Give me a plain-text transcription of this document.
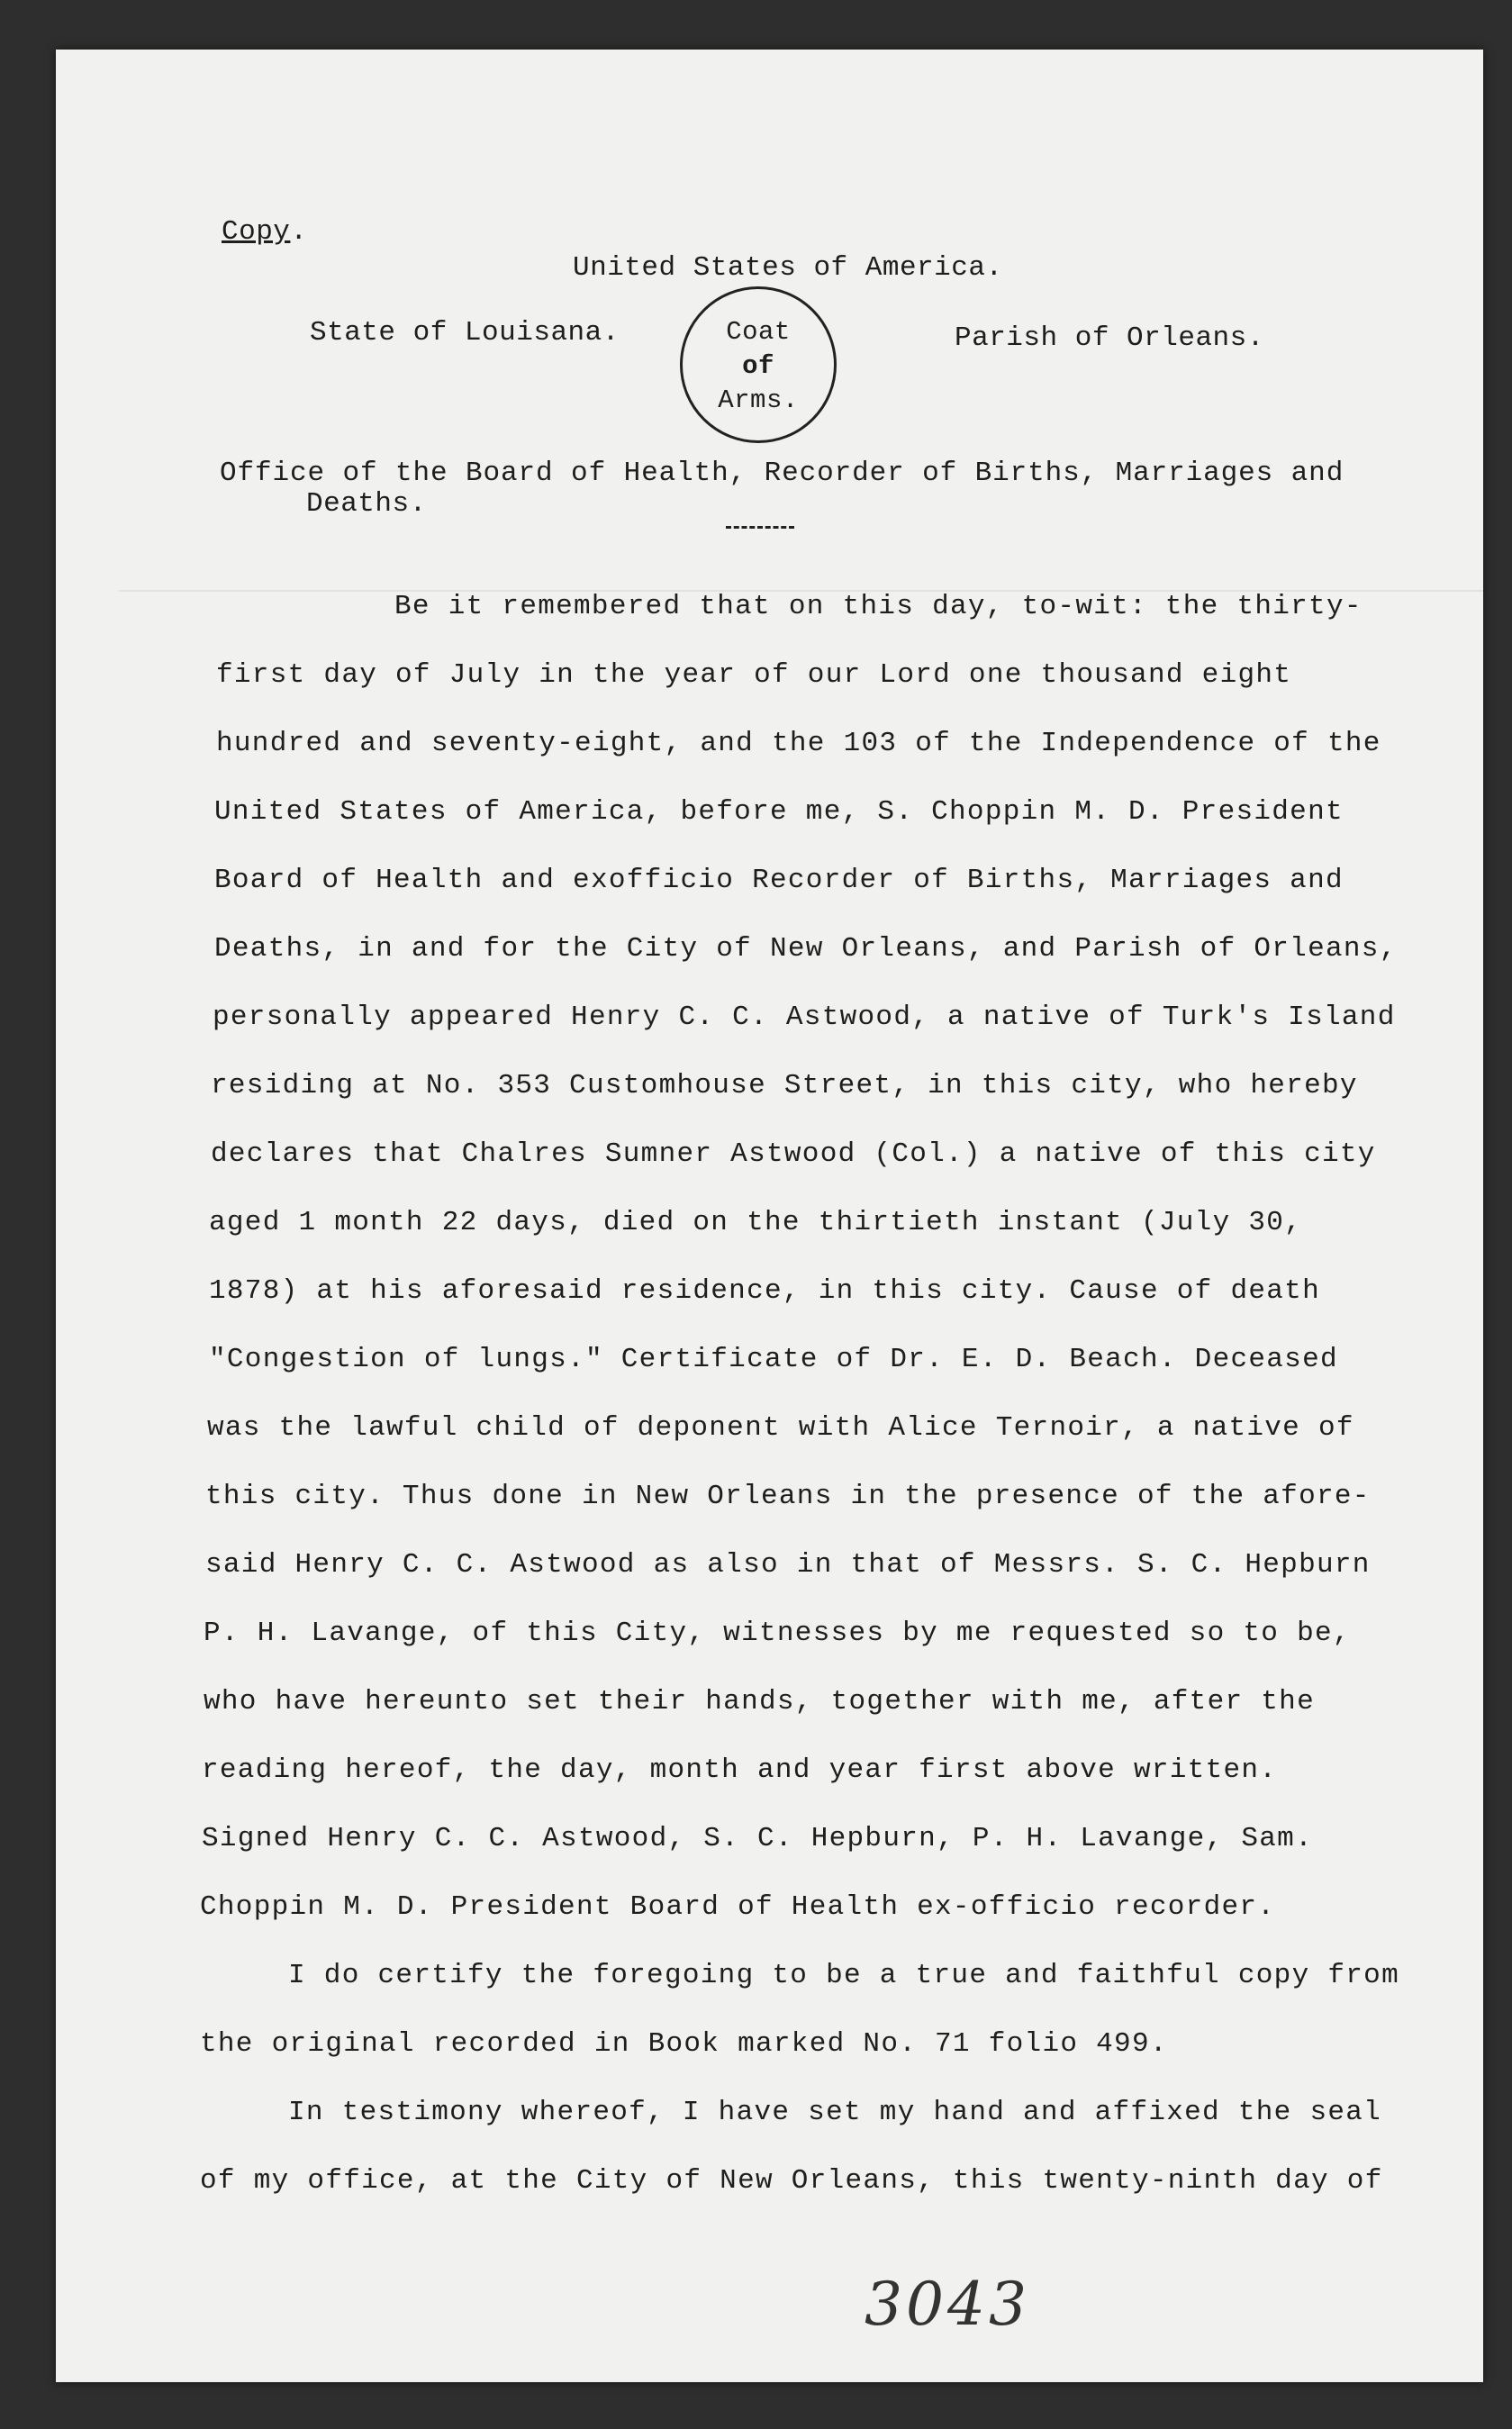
Copy.
United States of America.
State of Louisana.	Coat
of
Arms.
Parish of Orleans.
Office of the Board of Health, Recorder of Births, Marriages and
Deaths.
Be it remembered that on this day, to-wit: the thirty-
first day of July in the year of our Lord one thousand eight
hundred and seventy-eight, and the 103 of the Independence of the
United States of America, before me, S. Choppin M. D. President
Board of Health and exofficio Recorder of Births, Marriages and
Deaths, in and for the City of New Orleans, and Parish of Orleans,
personally appeared Henry C. C. Astwood, a native of Turk's Island
residing at No. 353 Customhouse Street, in this city, who hereby
declares that Chalres Sumner Astwood (Col.) a native of this city
aged 1 month 22 days, died on the thirtieth instant (July 30,
1878) at his aforesaid residence, in this city. Cause of death
"Congestion of lungs." Certificate of Dr. E. D. Beach. Deceased
was the lawful child of deponent with Alice Ternoir, a native of
this city. Thus done in New Orleans in the presence of the afore-
said Henry C. C. Astwood as also in that of Messrs. S. C. Hepburn
P. H. Lavange, of this City, witnesses by me requested so to be,
who have hereunto set their hands, together with me, after the
reading hereof, the day, month and year first above written.
Signed Henry C. C. Astwood, S. C. Hepburn, P. H. Lavange, Sam.
Choppin M. D. President Board of Health ex-officio recorder.
I do certify the foregoing to be a true and faithful copy from
the original recorded in Book marked No. 71 folio 499.
In testimony whereof, I have set my hand and affixed the seal
of my office, at the City of New Orleans, this twenty-ninth day of
3043
